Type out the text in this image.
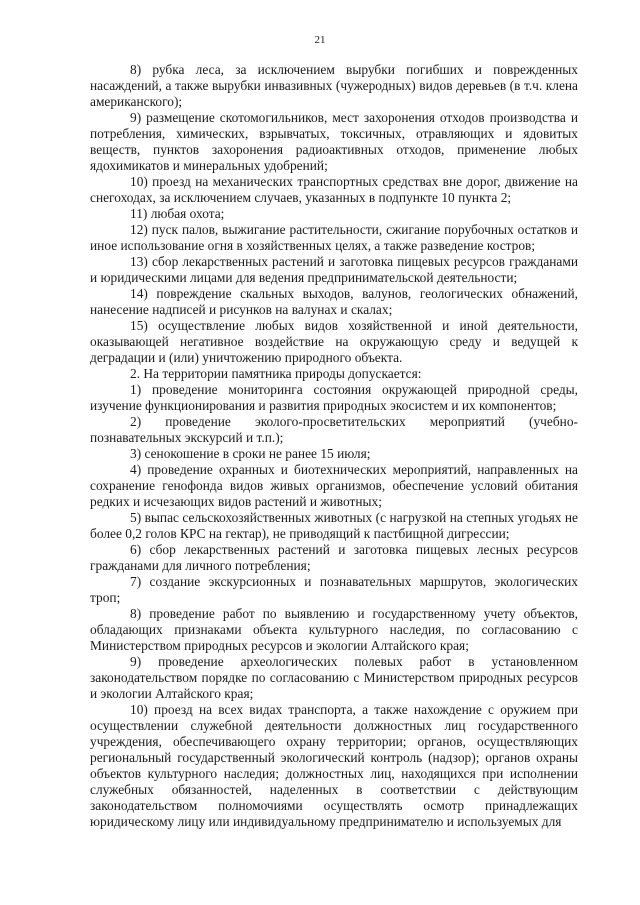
21

8) рубка леса, за исключением вырубки погибших и поврежденных насаждений, а также вырубки инвазивных (чужеродных) видов деревьев (в т.ч. клена американского);

9) размещение скотомогильников, мест захоронения отходов производства и потребления, химических, взрывчатых, токсичных, отравляющих и ядовитых веществ, пунктов захоронения радиоактивных отходов, применение любых ядохимикатов и минеральных удобрений;

10) проезд на механических транспортных средствах вне дорог, движение на снегоходах, за исключением случаев, указанных в подпункте 10 пункта 2;

11) любая охота;

12) пуск палов, выжигание растительности, сжигание порубочных остатков и иное использование огня в хозяйственных целях, а также разведение костров;

13) сбор лекарственных растений и заготовка пищевых ресурсов гражданами и юридическими лицами для ведения предпринимательской деятельности;

14) повреждение скальных выходов, валунов, геологических обнажений, нанесение надписей и рисунков на валунах и скалах;

15) осуществление любых видов хозяйственной и иной деятельности, оказывающей негативное воздействие на окружающую среду и ведущей к деградации и (или) уничтожению природного объекта.

2. На территории памятника природы допускается:

1) проведение мониторинга состояния окружающей природной среды, изучение функционирования и развития природных экосистем и их компонентов;

2) проведение эколого-просветительских мероприятий (учебно-познавательных экскурсий и т.п.);

3) сенокошение в сроки не ранее 15 июля;

4) проведение охранных и биотехнических мероприятий, направленных на сохранение генофонда видов живых организмов, обеспечение условий обитания редких и исчезающих видов растений и животных;

5) выпас сельскохозяйственных животных (с нагрузкой на степных угодьях не более 0,2 голов КРС на гектар), не приводящий к пастбищной дигрессии;

6) сбор лекарственных растений и заготовка пищевых лесных ресурсов гражданами для личного потребления;

7) создание экскурсионных и познавательных маршрутов, экологических троп;

8) проведение работ по выявлению и государственному учету объектов, обладающих признаками объекта культурного наследия, по согласованию с Министерством природных ресурсов и экологии Алтайского края;

9) проведение археологических полевых работ в установленном законодательством порядке по согласованию с Министерством природных ресурсов и экологии Алтайского края;

10) проезд на всех видах транспорта, а также нахождение с оружием при осуществлении служебной деятельности должностных лиц государственного учреждения, обеспечивающего охрану территории; органов, осуществляющих региональный государственный экологический контроль (надзор); органов охраны объектов культурного наследия; должностных лиц, находящихся при исполнении служебных обязанностей, наделенных в соответствии с действующим законодательством полномочиями осуществлять осмотр принадлежащих юридическому лицу или индивидуальному предпринимателю и используемых для
